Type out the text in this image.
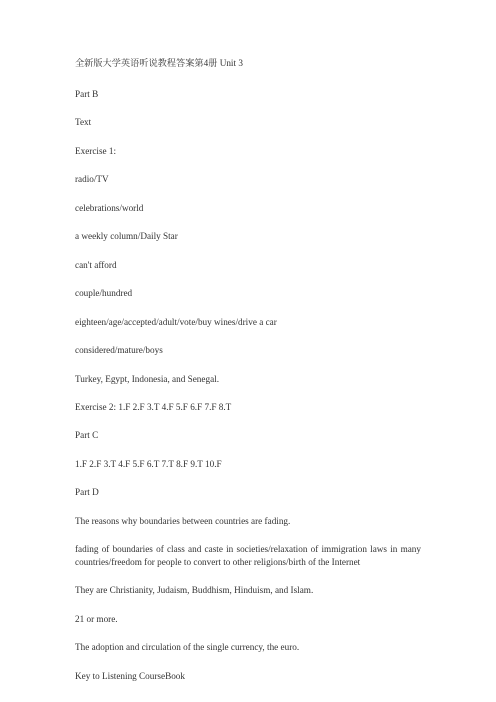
全新版大学英语听说教程答案第4册 Unit 3

Part B

Text

Exercise 1:

radio/TV

celebrations/world

a weekly column/Daily Star

can't afford

couple/hundred

eighteen/age/accepted/adult/vote/buy wines/drive a car

considered/mature/boys

Turkey, Egypt, Indonesia, and Senegal.

Exercise 2: 1.F 2.F 3.T 4.F 5.F 6.F 7.F 8.T

Part C

1.F 2.F 3.T 4.F 5.F 6.T 7.T 8.F 9.T 10.F

Part D

The reasons why boundaries between countries are fading.

fading of boundaries of class and caste in societies/relaxation of immigration laws in many

countries/freedom for people to convert to other religions/birth of the Internet

They are Christianity, Judaism, Buddhism, Hinduism, and Islam.

21 or more.

The adoption and circulation of the single currency, the euro.

Key to Listening CourseBook
